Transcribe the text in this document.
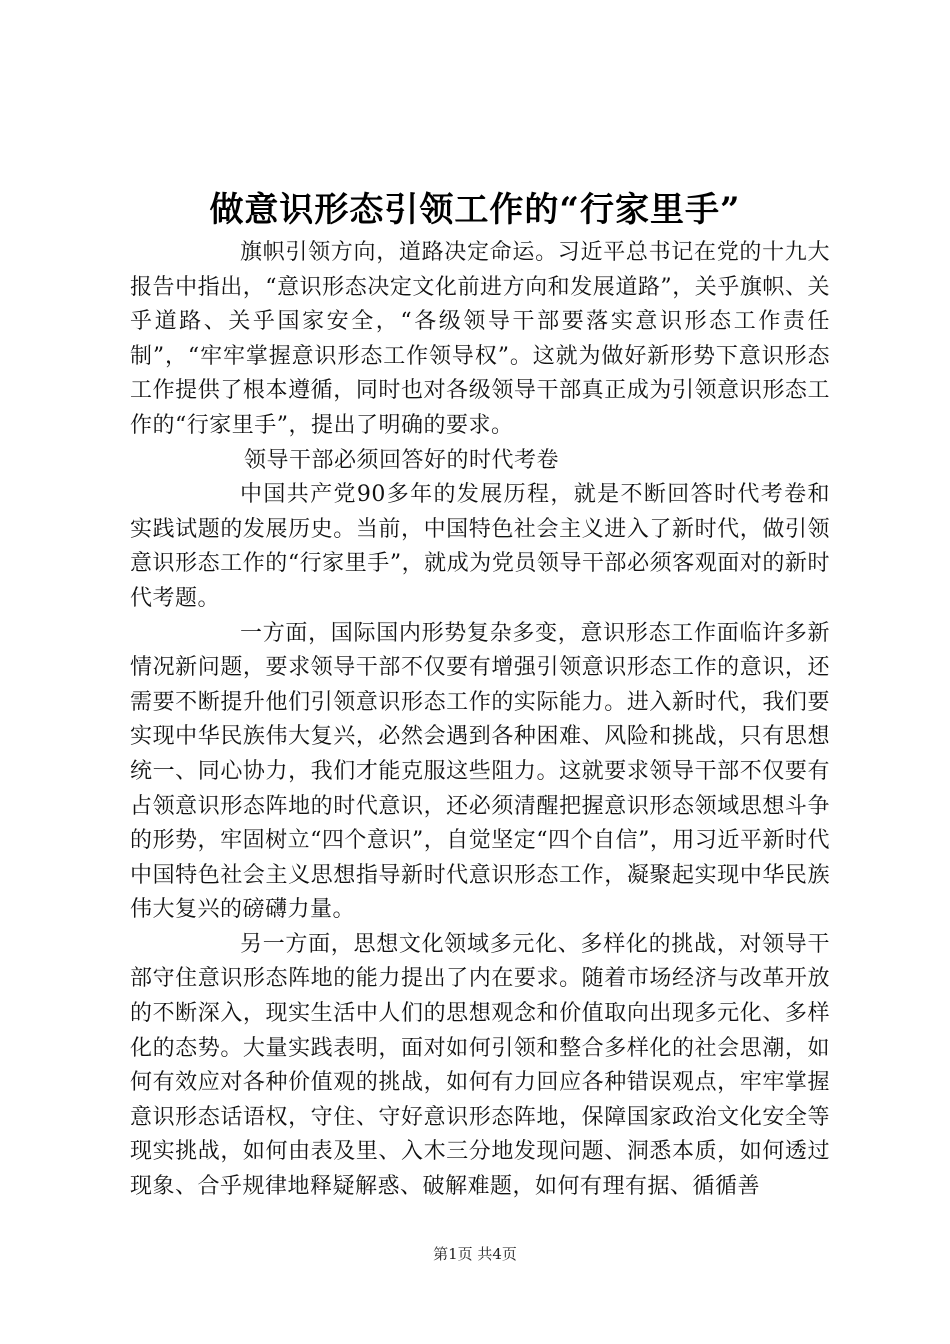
做意识形态引领工作的“行家里手”

旗帜引领方向，道路决定命运。习近平总书记在党的十九大报告中指出，“意识形态决定文化前进方向和发展道路”，关乎旗帜、关乎道路、关乎国家安全，“各级领导干部要落实意识形态工作责任制”，“牢牢掌握意识形态工作领导权”。这就为做好新形势下意识形态工作提供了根本遵循，同时也对各级领导干部真正成为引领意识形态工作的“行家里手”，提出了明确的要求。

领导干部必须回答好的时代考卷

中国共产党90多年的发展历程，就是不断回答时代考卷和实践试题的发展历史。当前，中国特色社会主义进入了新时代，做引领意识形态工作的“行家里手”，就成为党员领导干部必须客观面对的新时代考题。

一方面，国际国内形势复杂多变，意识形态工作面临许多新情况新问题，要求领导干部不仅要有增强引领意识形态工作的意识，还需要不断提升他们引领意识形态工作的实际能力。进入新时代，我们要实现中华民族伟大复兴，必然会遇到各种困难、风险和挑战，只有思想统一、同心协力，我们才能克服这些阻力。这就要求领导干部不仅要有占领意识形态阵地的时代意识，还必须清醒把握意识形态领域思想斗争的形势，牢固树立“四个意识”，自觉坚定“四个自信”，用习近平新时代中国特色社会主义思想指导新时代意识形态工作，凝聚起实现中华民族伟大复兴的磅礴力量。

另一方面，思想文化领域多元化、多样化的挑战，对领导干部守住意识形态阵地的能力提出了内在要求。随着市场经济与改革开放的不断深入，现实生活中人们的思想观念和价值取向出现多元化、多样化的态势。大量实践表明，面对如何引领和整合多样化的社会思潮，如何有效应对各种价值观的挑战，如何有力回应各种错误观点，牢牢掌握意识形态话语权，守住、守好意识形态阵地，保障国家政治文化安全等现实挑战，如何由表及里、入木三分地发现问题、洞悉本质，如何透过现象、合乎规律地释疑解惑、破解难题，如何有理有据、循循善

第1页 共4页
